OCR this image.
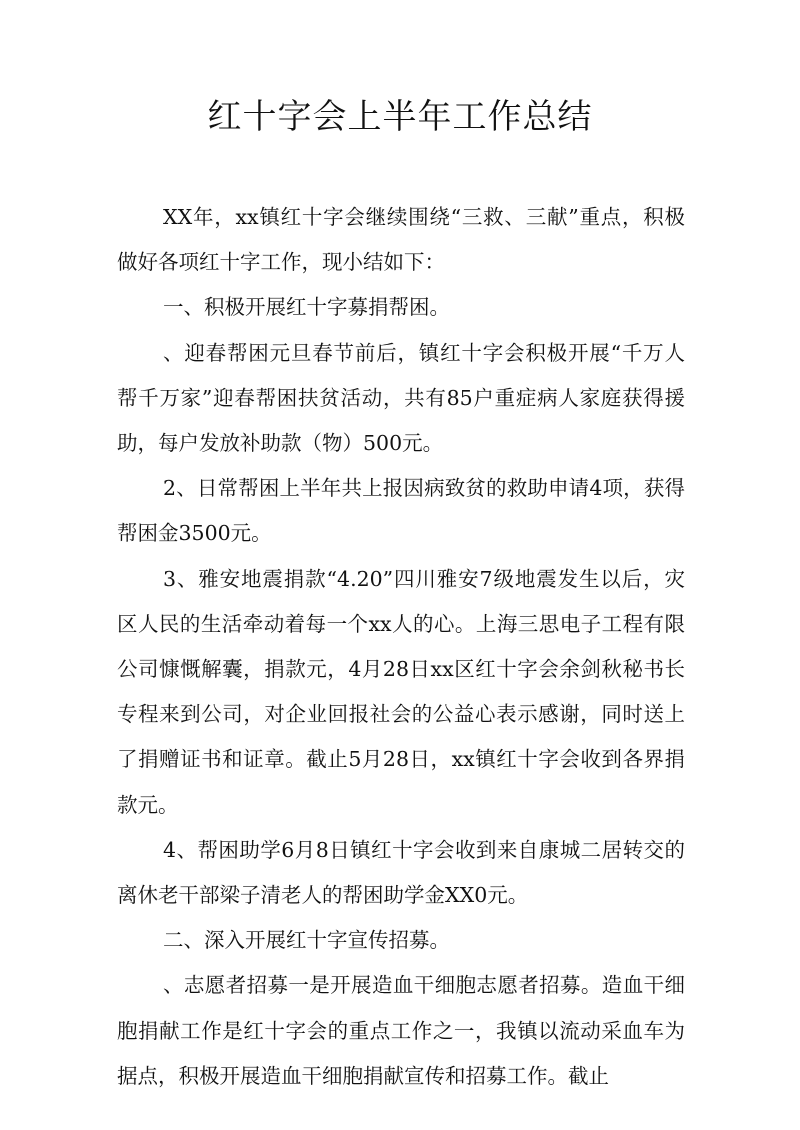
红十字会上半年工作总结

XX年，xx镇红十字会继续围绕“三救、三献”重点，积极做好各项红十字工作，现小结如下：

一、积极开展红十字募捐帮困。

、迎春帮困元旦春节前后，镇红十字会积极开展“千万人帮千万家”迎春帮困扶贫活动，共有85户重症病人家庭获得援助，每户发放补助款（物）500元。

2、日常帮困上半年共上报因病致贫的救助申请4项，获得帮困金3500元。

3、雅安地震捐款“4.20”四川雅安7级地震发生以后，灾区人民的生活牵动着每一个xx人的心。上海三思电子工程有限公司慷慨解囊，捐款元，4月28日xx区红十字会余剑秋秘书长专程来到公司，对企业回报社会的公益心表示感谢，同时送上了捐赠证书和证章。截止5月28日，xx镇红十字会收到各界捐款元。

4、帮困助学6月8日镇红十字会收到来自康城二居转交的离休老干部梁子清老人的帮困助学金XX0元。

二、深入开展红十字宣传招募。

、志愿者招募一是开展造血干细胞志愿者招募。造血干细胞捐献工作是红十字会的重点工作之一，我镇以流动采血车为据点，积极开展造血干细胞捐献宣传和招募工作。截止
